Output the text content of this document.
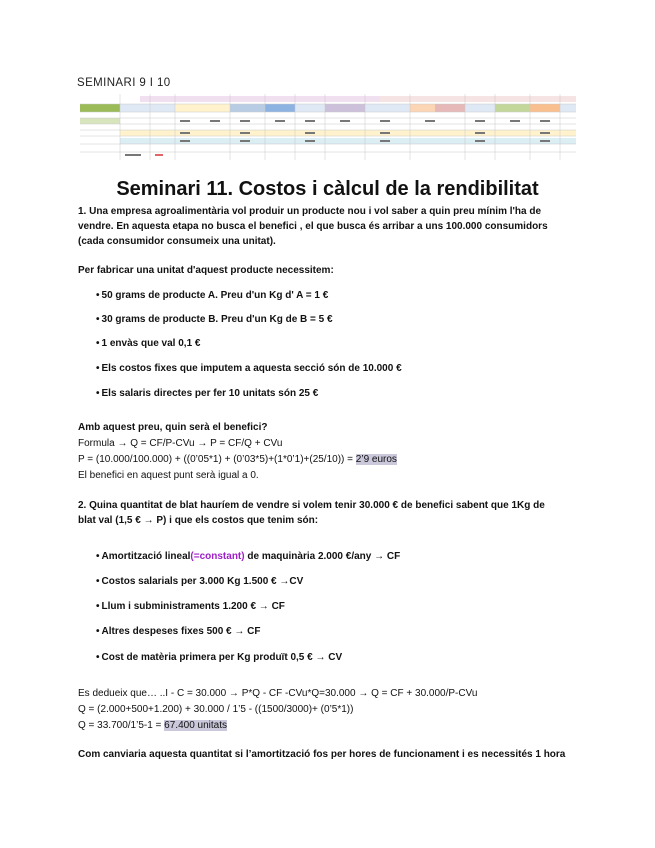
SEMINARI 9 I 10
Seminari 11. Costos i càlcul de la rendibilitat
1. Una empresa agroalimentària vol produir un producte nou i vol saber a quin preu mínim l'ha de
vendre. En aquesta etapa no busca el benefici , el que busca és arribar a uns 100.000 consumidors
(cada consumidor consumeix una unitat).
Per fabricar una unitat d'aquest producte necessitem:
• 50 grams de producte A. Preu d'un Kg d' A = 1 €
• 30 grams de producte B. Preu d'un Kg de B = 5 €
• 1 envàs que val 0,1 €
• Els costos fixes que imputem a aquesta secció són de 10.000 €
• Els salaris directes per fer 10 unitats són 25 €
Amb aquest preu, quin serà el benefici?
Formula → Q = CF/P-CVu → P = CF/Q + CVu
P = (10.000/100.000) + ((0’05*1) + (0’03*5)+(1*0’1)+(25/10)) = 2’9 euros
El benefici en aquest punt serà igual a 0.
2. Quina quantitat de blat hauríem de vendre si volem tenir 30.000 € de benefici sabent que 1Kg de
blat val (1,5 € → P) i que els costos que tenim són:
• Amortització lineal(=constant) de maquinària 2.000 €/any → CF
• Costos salarials per 3.000 Kg 1.500 € →CV
• Llum i subministraments 1.200 € → CF
• Altres despeses fixes 500 € → CF
• Cost de matèria primera per Kg produït 0,5 € → CV
Es dedueix que… ..I - C = 30.000 → P*Q - CF -CVu*Q=30.000 → Q = CF + 30.000/P-CVu
Q = (2.000+500+1.200) + 30.000 / 1’5 - ((1500/3000)+ (0’5*1))
Q = 33.700/1’5-1 = 67.400 unitats
Com canviaria aquesta quantitat si l’amortització fos per hores de funcionament i es necessités 1 hora
